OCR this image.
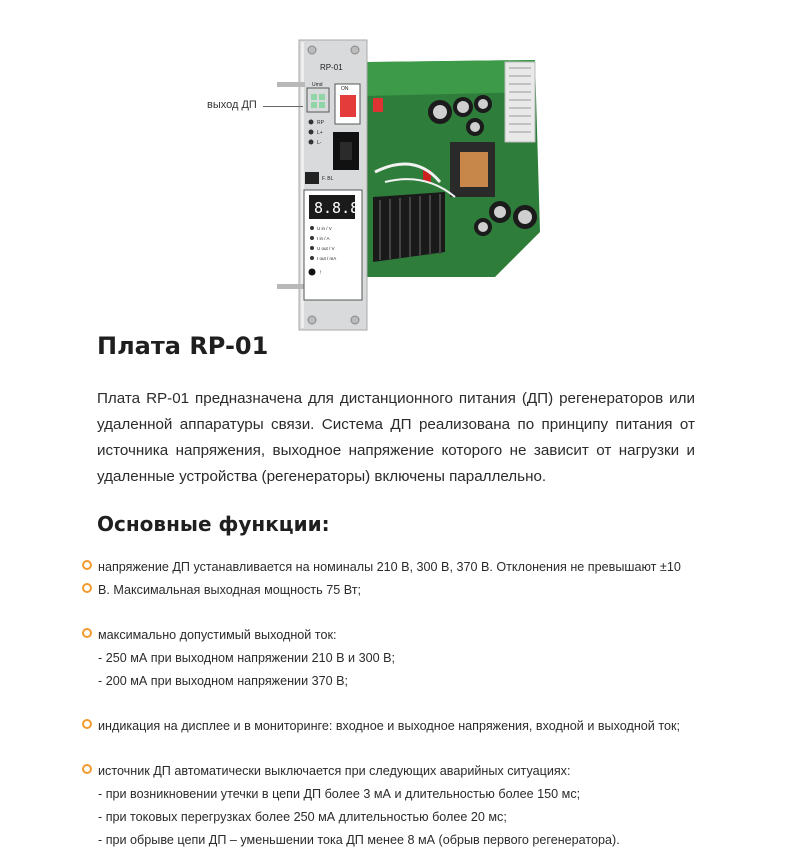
RP-01
Umd
ON
RP
L+
L-
F. BL
8.8.8
U in / V
I in / A
U out / V
I out / mA
↑
выход ДП
Плата RP-01

Плата RP-01 предназначена для дистанционного питания (ДП) регенераторов или удаленной аппаратуры связи. Система ДП реализована по принципу питания от источника напряжения, выходное напряжение которого не зависит от нагрузки и удаленные устройства (регенераторы) включены параллельно.

Основные функции:
напряжение ДП устанавливается на номиналы 210 В, 300 В, 370 В. Отклонения не превышают ±10
В. Максимальная выходная мощность 75 Вт;
максимально допустимый выходной ток:
- 250 мА при выходном напряжении 210 В и 300 В;
- 200 мА при выходном напряжении 370 В;
индикация на дисплее и в мониторинге: входное и выходное напряжения, входной и выходной ток;
источник ДП автоматически выключается при следующих аварийных ситуациях:
- при возникновении утечки в цепи ДП более 3 мА и длительностью более 150 мс;
- при токовых перегрузках более 250 мА длительностью более 20 мс;
- при обрыве цепи ДП – уменьшении тока ДП менее 8 мА (обрыв первого регенератора).
